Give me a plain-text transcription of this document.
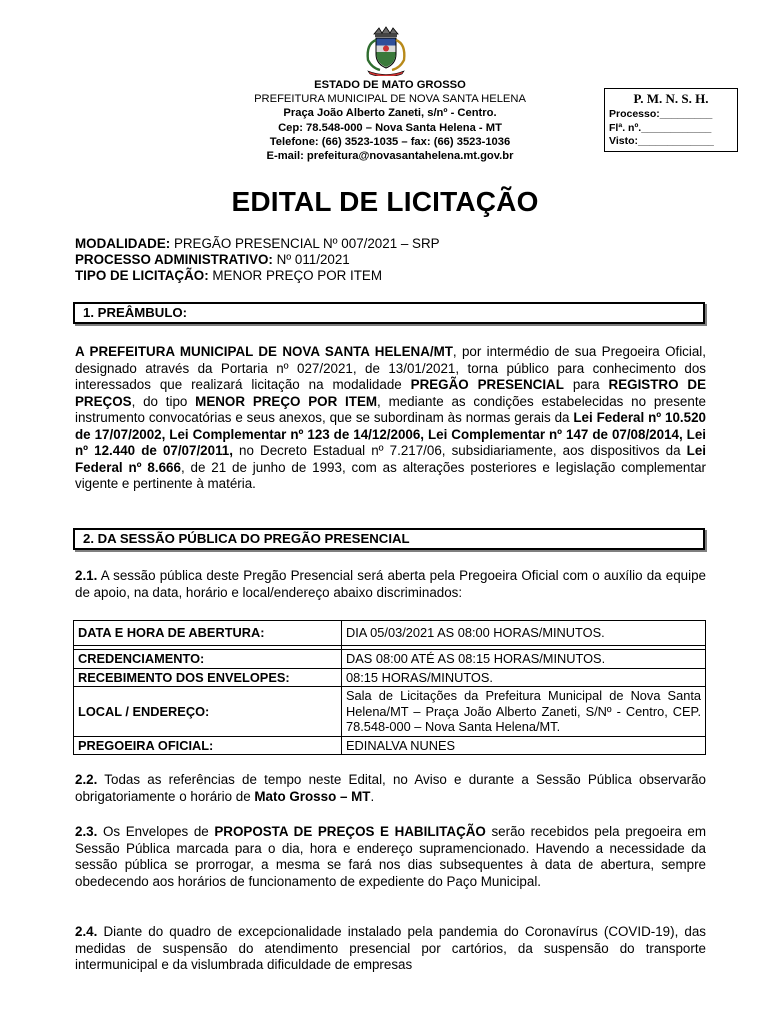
ESTADO DE MATO GROSSO
PREFEITURA MUNICIPAL DE NOVA SANTA HELENA
Praça João Alberto Zaneti, s/nº - Centro.
Cep: 78.548-000 – Nova Santa Helena - MT
Telefone: (66) 3523-1035 – fax: (66) 3523-1036
E-mail: prefeitura@novasantahelena.mt.gov.br
P. M. N. S. H.
Processo:_________
Flª. nº.____________
Visto:_____________
EDITAL DE LICITAÇÃO
MODALIDADE: PREGÃO PRESENCIAL Nº 007/2021 – SRP
PROCESSO ADMINISTRATIVO: Nº 011/2021
TIPO DE LICITAÇÃO: MENOR PREÇO POR ITEM
1. PREÂMBULO:
A PREFEITURA MUNICIPAL DE NOVA SANTA HELENA/MT, por intermédio de sua Pregoeira Oficial, designado através da Portaria nº 027/2021, de 13/01/2021, torna público para conhecimento dos interessados que realizará licitação na modalidade PREGÃO PRESENCIAL para REGISTRO DE PREÇOS, do tipo MENOR PREÇO POR ITEM, mediante as condições estabelecidas no presente instrumento convocatórias e seus anexos, que se subordinam às normas gerais da Lei Federal nº 10.520 de 17/07/2002, Lei Complementar nº 123 de 14/12/2006, Lei Complementar nº 147 de 07/08/2014, Lei nº 12.440 de 07/07/2011, no Decreto Estadual nº 7.217/06, subsidiariamente, aos dispositivos da Lei Federal nº 8.666, de 21 de junho de 1993, com as alterações posteriores e legislação complementar vigente e pertinente à matéria.
2. DA SESSÃO PÚBLICA DO PREGÃO PRESENCIAL
2.1. A sessão pública deste Pregão Presencial será aberta pela Pregoeira Oficial com o auxílio da equipe de apoio, na data, horário e local/endereço abaixo discriminados:
DATA E HORA DE ABERTURA:	DIA 05/03/2021 AS 08:00 HORAS/MINUTOS.

CREDENCIAMENTO:	DAS 08:00 ATÉ AS 08:15 HORAS/MINUTOS.
RECEBIMENTO DOS ENVELOPES:	08:15 HORAS/MINUTOS.
LOCAL / ENDEREÇO:	Sala de Licitações da Prefeitura Municipal de Nova Santa Helena/MT – Praça João Alberto Zaneti, S/Nº - Centro, CEP. 78.548-000 – Nova Santa Helena/MT.
PREGOEIRA OFICIAL:	EDINALVA NUNES
2.2. Todas as referências de tempo neste Edital, no Aviso e durante a Sessão Pública observarão obrigatoriamente o horário de Mato Grosso – MT.
2.3. Os Envelopes de PROPOSTA DE PREÇOS E HABILITAÇÃO serão recebidos pela pregoeira em Sessão Pública marcada para o dia, hora e endereço supramencionado. Havendo a necessidade da sessão pública se prorrogar, a mesma se fará nos dias subsequentes à data de abertura, sempre obedecendo aos horários de funcionamento de expediente do Paço Municipal.
2.4. Diante do quadro de excepcionalidade instalado pela pandemia do Coronavírus (COVID-19), das medidas de suspensão do atendimento presencial por cartórios, da suspensão do transporte intermunicipal e da vislumbrada dificuldade de empresas
